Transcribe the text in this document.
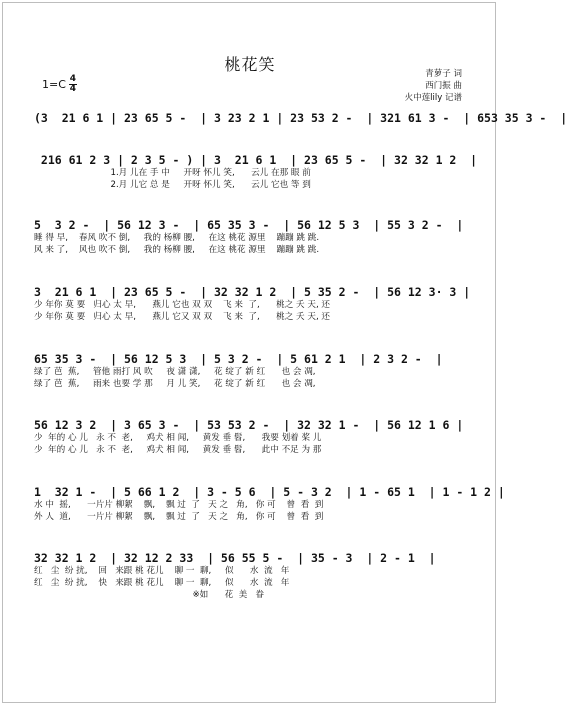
桃花笑
$1=C \frac{4}{4}$
青萝子 词
西门振 曲
火中莲lily 记谱
(3  21 6 1 | 23 65 5 -  | 3 23 2 1 | 23 53 2 -  | 321 61 3 -  | 653 35 3 -  |
216 61 2 3 | 2 3 5 - ) | 3  21 6 1  | 23 65 5 -  | 32 32 1 2  |
1.月 儿在 手 中     开呀 怀儿 笑,      云儿 在那 眼 前
2.月 儿它 总 是     开呀 怀儿 笑,      云儿 它也 等 到
5  3 2 -  | 56 12 3 -  | 65 35 3 -  | 56 12 5 3  | 55 3 2 -  |
睡 得 早,    春风 吹不 倒,     我的 杨柳 腰,     在这 桃花 源里    蹦蹦 跳 跳.
风 来 了,    风也 吹不 倒,     我的 杨柳 腰,     在这 桃花 源里    蹦蹦 跳 跳.
3  21 6 1  | 23 65 5 -  | 32 32 1 2  | 5 35 2 -  | 56 12 3· 3 |
少 年你 莫 要   归心 太 早,      燕儿 它也 双 双    飞 来  了,      桃之 夭 天, 还
少 年你 莫 要   归心 太 早,      燕儿 它又 双 双    飞 来  了,      桃之 夭 天, 还
65 35 3 -  | 56 12 5 3  | 5 3 2 -  | 5 61 2 1  | 2 3 2 -  |
绿了 芭  蕉,     管他 雨打 风 吹     夜 潇 潇,     花 绽了 新 红      也 会 凋,
绿了 芭  蕉,     雨来 也要 学 那     月 儿 笑,     花 绽了 新 红      也 会 凋,
56 12 3 2  | 3 65 3 -  | 53 53 2 -  | 32 32 1 -  | 56 12 1 6 |
少  年的 心 儿   永 不  老,     鸡犬 相 闻,     黄发 垂 髫,      我要 划着 桨 儿
少  年的 心 儿   永 不  老,     鸡犬 相 闻,     黄发 垂 髫,      此中 不足 为 那
1  32 1 -  | 5 66 1 2  | 3 - 5 6  | 5 - 3 2  | 1 - 65 1  | 1 - 1 2 |
水 中  摇,      一片片 柳絮    飘,    飘 过  了   天 之   角,   你 可    曾  看  到
外 人  道,      一片片 柳絮    飘,    飘 过  了   天 之   角,   你 可    曾  看  到
32 32 1 2  | 32 12 2 33  | 56 55 5 -  | 35 - 3  | 2 - 1  |
红   尘  纷 扰,    回   来跟 桃 花儿    聊 一  聊,     似      水  流   年
红   尘  纷 扰,    快   来跟 桃 花儿    聊 一  聊,     似      水  流   年
※如      花  美   眷
